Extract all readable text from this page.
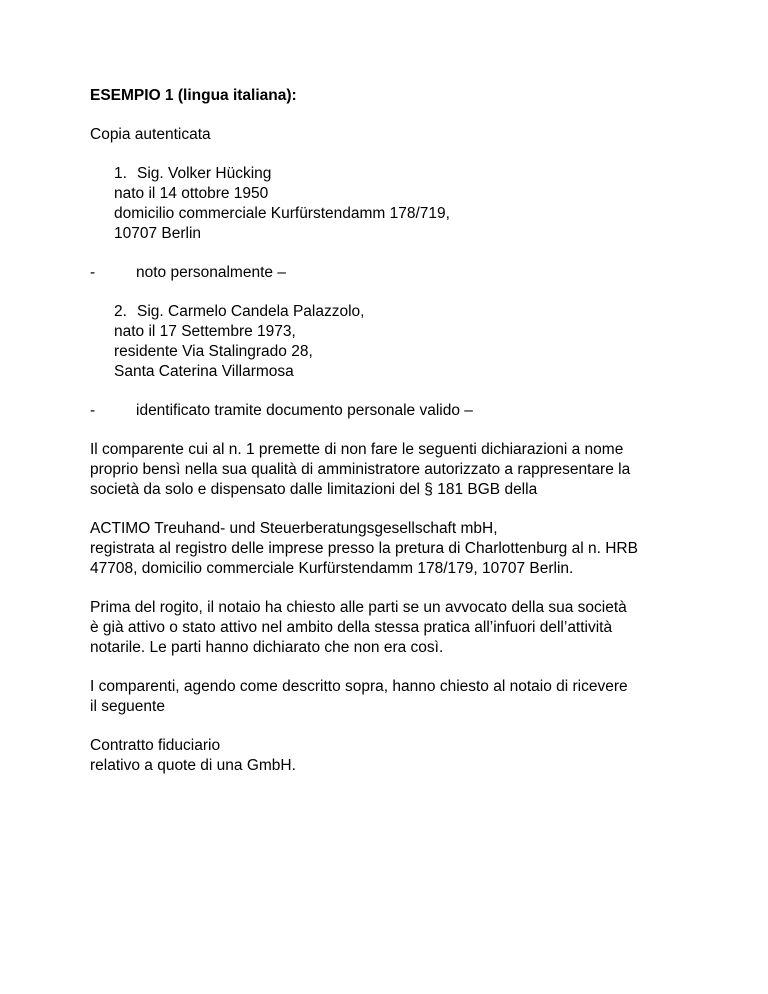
ESEMPIO 1 (lingua italiana):
Copia autenticata
1. Sig. Volker Hücking
nato il 14 ottobre 1950
domicilio commerciale Kurfürstendamm 178/719,
10707 Berlin
-	noto personalmente –
2. Sig. Carmelo Candela Palazzolo,
nato il 17 Settembre 1973,
residente Via Stalingrado 28,
Santa Caterina Villarmosa
-	identificato tramite documento personale valido –
Il comparente cui al n. 1 premette di non fare le seguenti dichiarazioni a nome
proprio bensì nella sua qualità di amministratore autorizzato a rappresentare la
società da solo e dispensato dalle limitazioni del § 181 BGB della
ACTIMO Treuhand- und Steuerberatungsgesellschaft mbH,
registrata al registro delle imprese presso la pretura di Charlottenburg al n. HRB
47708, domicilio commerciale Kurfürstendamm 178/179, 10707 Berlin.
Prima del rogito, il notaio ha chiesto alle parti se un avvocato della sua società
è già attivo o stato attivo nel ambito della stessa pratica all’infuori dell’attività
notarile. Le parti hanno dichiarato che non era così.
I comparenti, agendo come descritto sopra, hanno chiesto al notaio di ricevere
il seguente
Contratto fiduciario
relativo a quote di una GmbH.
